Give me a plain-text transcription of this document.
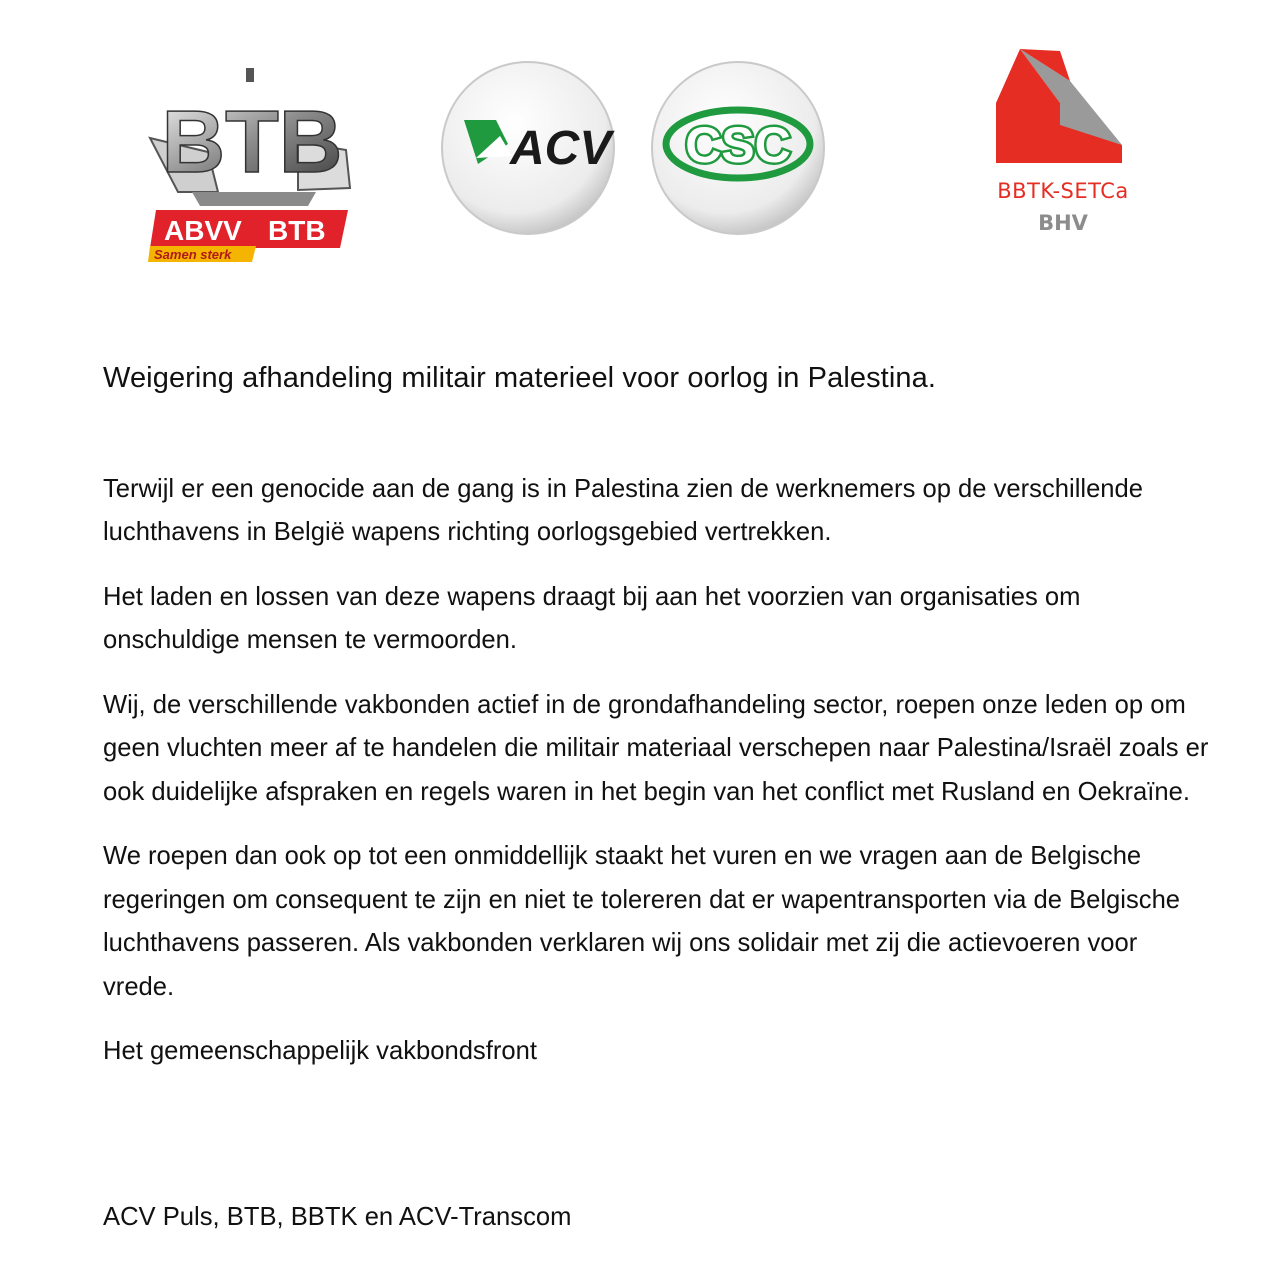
BTB
ABVV BTB
Samen sterk
ACV CSC
BBTK-SETCa
BHV
Weigering afhandeling militair materieel voor oorlog in Palestina.

Terwijl er een genocide aan de gang is in Palestina zien de werknemers op de verschillende luchthavens in België wapens richting oorlogsgebied vertrekken.

Het laden en lossen van deze wapens draagt bij aan het voorzien van organisaties om onschuldige mensen te vermoorden.

Wij, de verschillende vakbonden actief in de grondafhandeling sector, roepen onze leden op om geen vluchten meer af te handelen die militair materiaal verschepen naar Palestina/Israël zoals er ook duidelijke afspraken en regels waren in het begin van het conflict met Rusland en Oekraïne.

We roepen dan ook op tot een onmiddellijk staakt het vuren en we vragen aan de Belgische regeringen om consequent te zijn en niet te tolereren dat er wapentransporten via de Belgische luchthavens passeren. Als vakbonden verklaren wij ons solidair met zij die actievoeren voor vrede.

Het gemeenschappelijk vakbondsfront

ACV Puls, BTB, BBTK en ACV-Transcom
